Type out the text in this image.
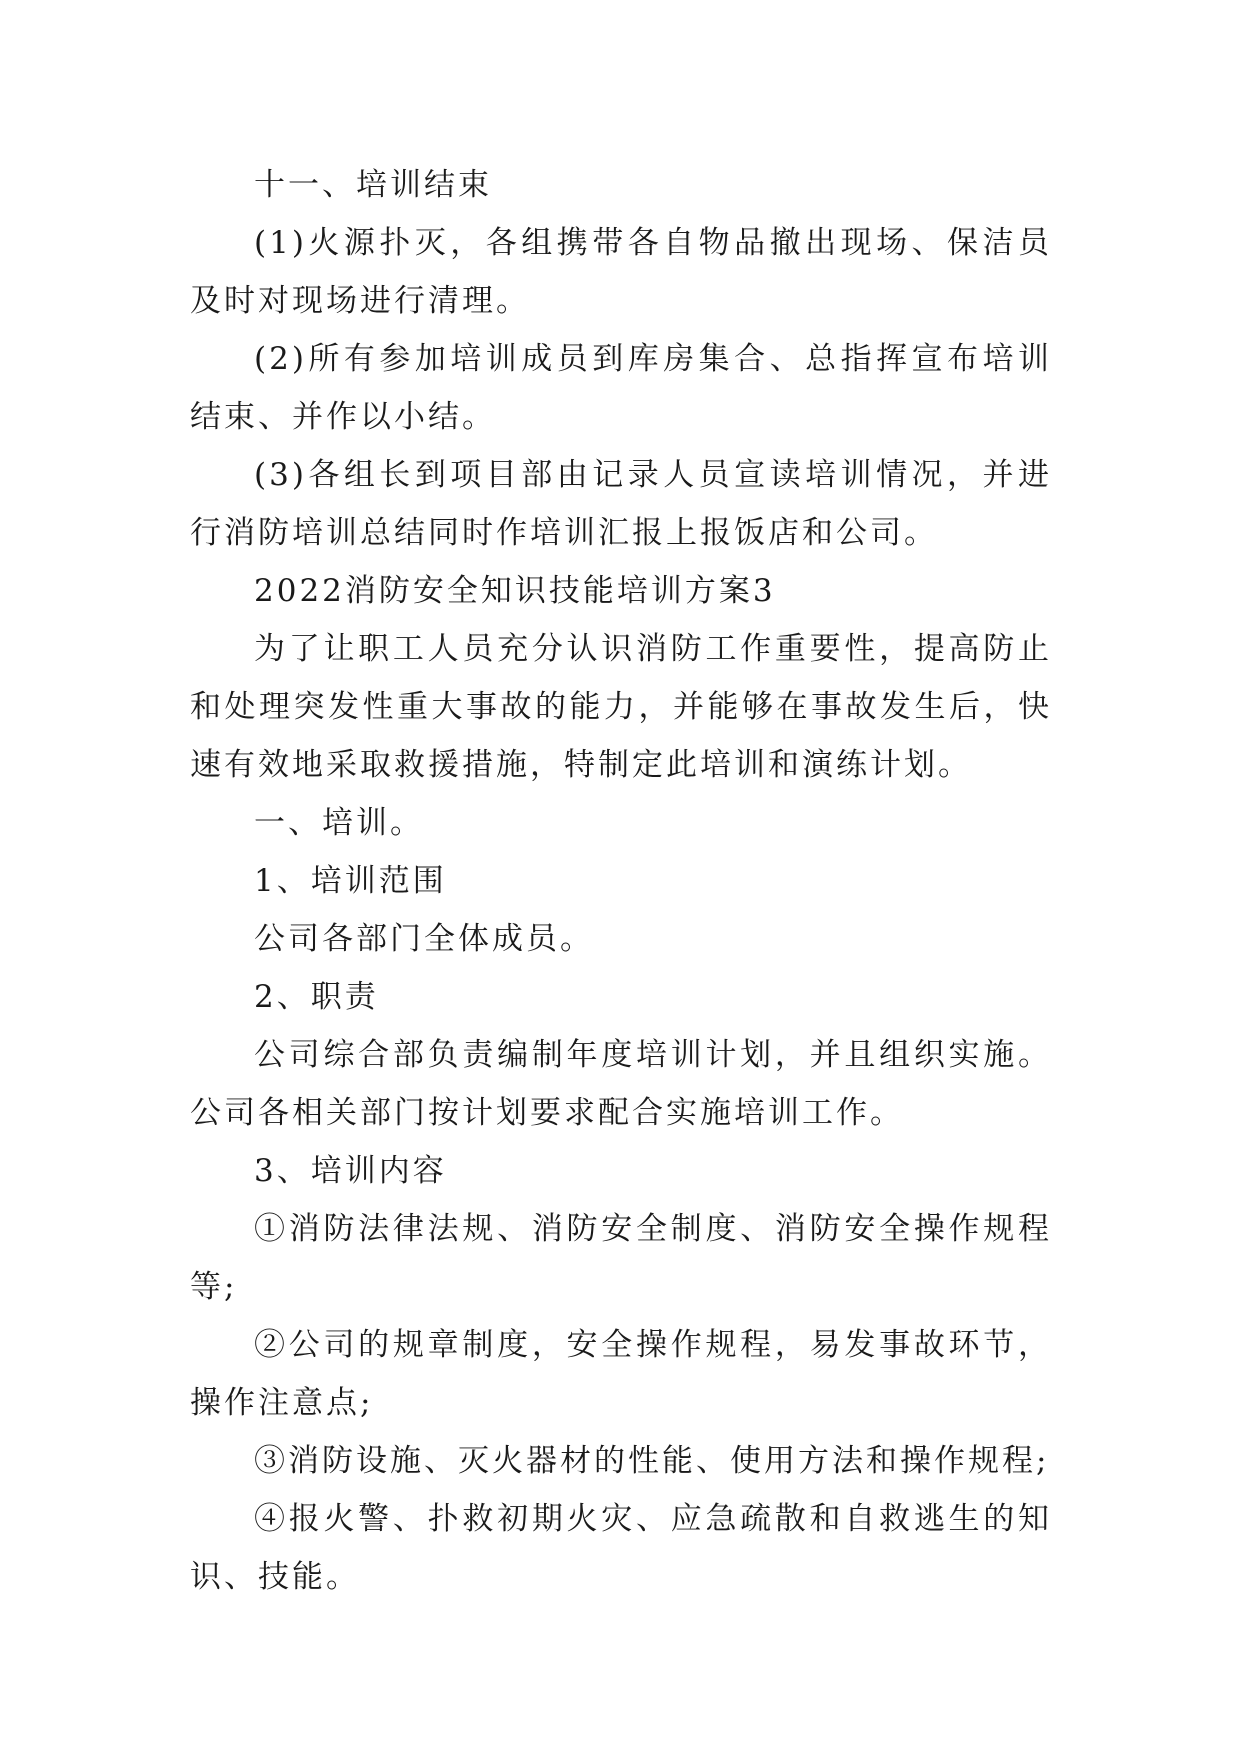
十一、培训结束

(1)火源扑灭，各组携带各自物品撤出现场、保洁员及时对现场进行清理。

(2)所有参加培训成员到库房集合、总指挥宣布培训结束、并作以小结。

(3)各组长到项目部由记录人员宣读培训情况，并进行消防培训总结同时作培训汇报上报饭店和公司。

2022消防安全知识技能培训方案3

为了让职工人员充分认识消防工作重要性，提高防止和处理突发性重大事故的能力，并能够在事故发生后，快速有效地采取救援措施，特制定此培训和演练计划。

一、培训。

1、培训范围

公司各部门全体成员。

2、职责

公司综合部负责编制年度培训计划，并且组织实施。公司各相关部门按计划要求配合实施培训工作。

3、培训内容

①消防法律法规、消防安全制度、消防安全操作规程等;

②公司的规章制度，安全操作规程，易发事故环节，操作注意点;

③消防设施、灭火器材的性能、使用方法和操作规程;

④报火警、扑救初期火灾、应急疏散和自救逃生的知识、技能。
